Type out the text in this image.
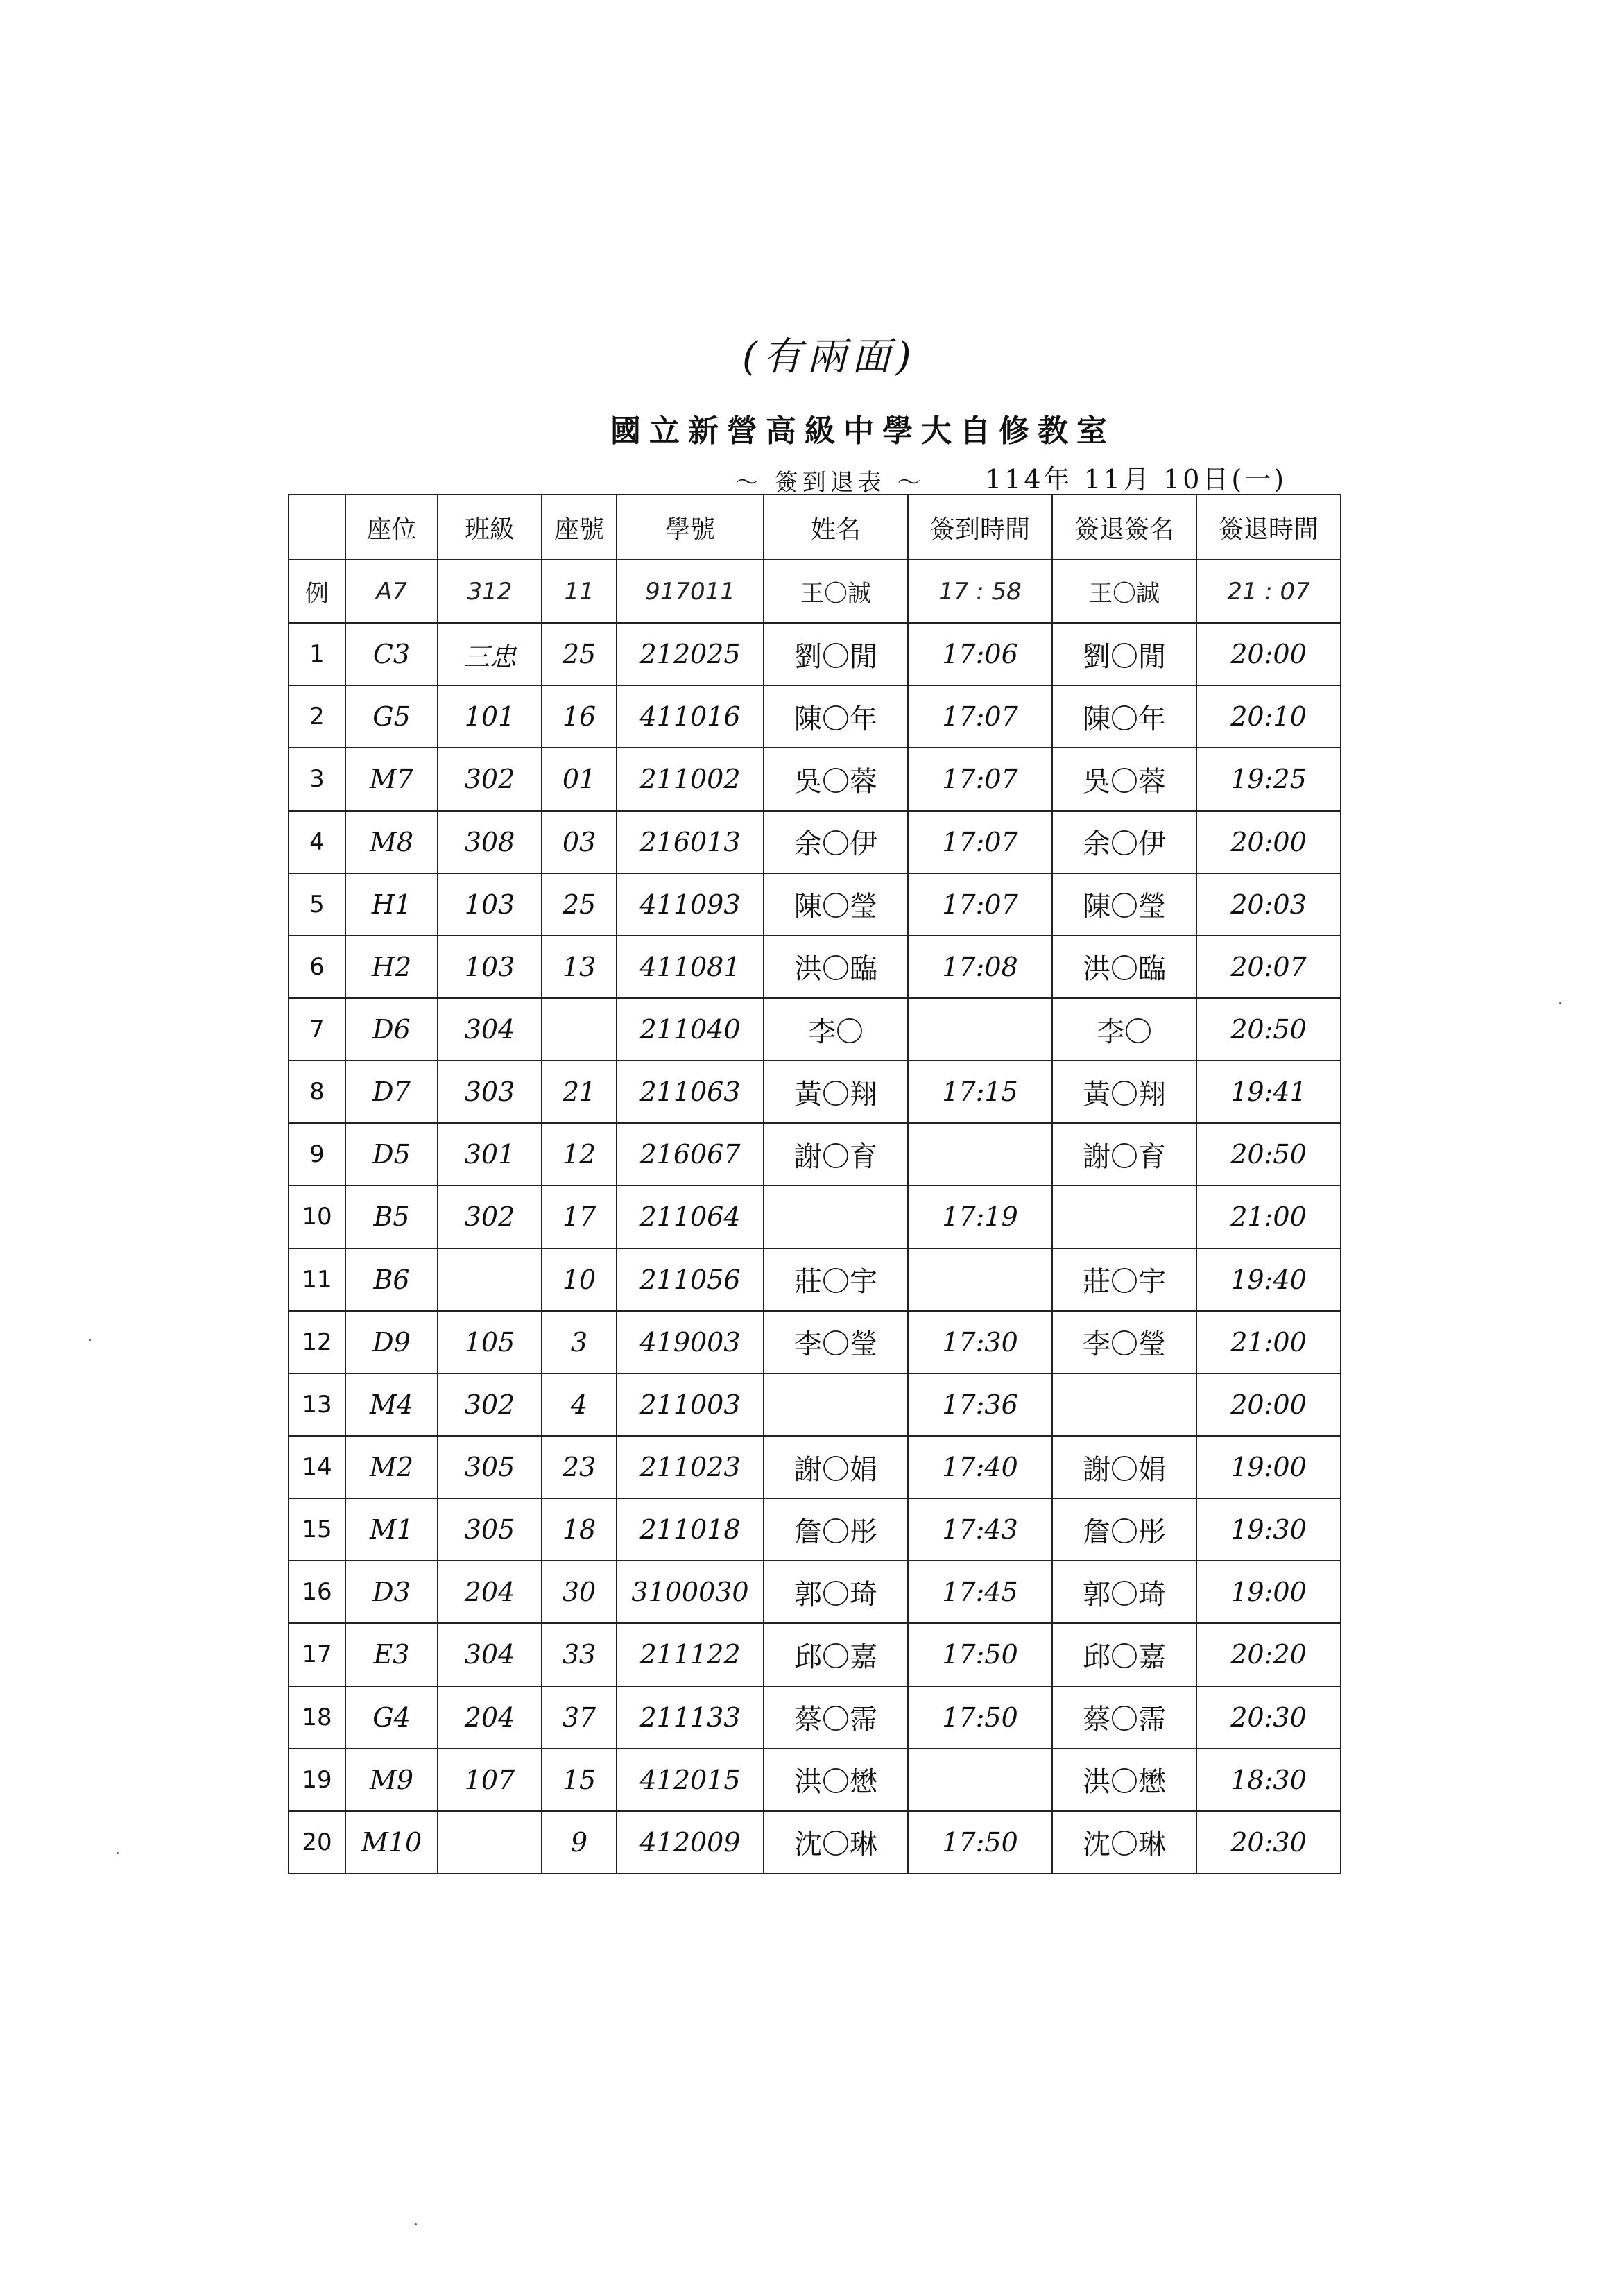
(有兩面)
國立新營高級中學大自修教室
～ 簽到退表 ～ 114年 11月 10日(一)
	座位	班級	座號	學號	姓名	簽到時間	簽退簽名	簽退時間
例	A7	312	11	917011	王〇誠	17 : 58	王〇誠	21 : 07
1	C3	三忠	25	212025	劉〇閒	17:06	劉〇閒	20:00
2	G5	101	16	411016	陳〇年	17:07	陳〇年	20:10
3	M7	302	01	211002	吳〇蓉	17:07	吳〇蓉	19:25
4	M8	308	03	216013	余〇伊	17:07	余〇伊	20:00
5	H1	103	25	411093	陳〇瑩	17:07	陳〇瑩	20:03
6	H2	103	13	411081	洪〇臨	17:08	洪〇臨	20:07
7	D6	304		211040	李〇		李〇	20:50
8	D7	303	21	211063	黃〇翔	17:15	黃〇翔	19:41
9	D5	301	12	216067	謝〇育		謝〇育	20:50
10	B5	302	17	211064		17:19		21:00
11	B6		10	211056	莊〇宇		莊〇宇	19:40
12	D9	105	3	419003	李〇瑩	17:30	李〇瑩	21:00
13	M4	302	4	211003		17:36		20:00
14	M2	305	23	211023	謝〇娟	17:40	謝〇娟	19:00
15	M1	305	18	211018	詹〇彤	17:43	詹〇彤	19:30
16	D3	204	30	3100030	郭〇琦	17:45	郭〇琦	19:00
17	E3	304	33	211122	邱〇嘉	17:50	邱〇嘉	20:20
18	G4	204	37	211133	蔡〇霈	17:50	蔡〇霈	20:30
19	M9	107	15	412015	洪〇懋		洪〇懋	18:30
20	M10		9	412009	沈〇琳	17:50	沈〇琳	20:30
